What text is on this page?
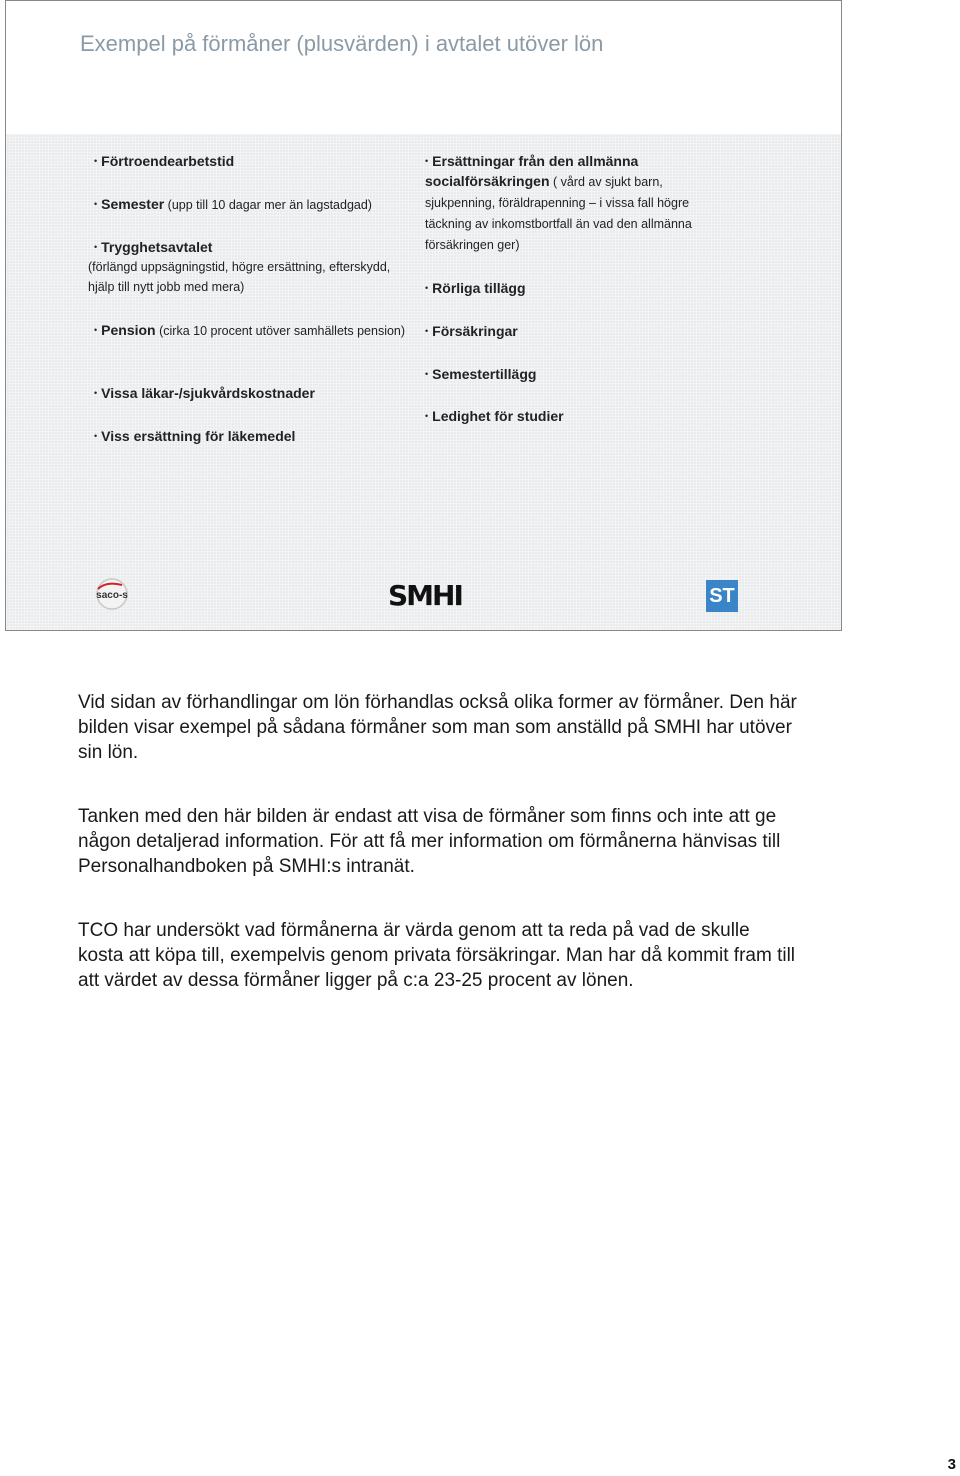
Exempel på förmåner (plusvärden) i avtalet utöver lön
• Förtroendearbetstid
• Semester (upp till 10 dagar mer än lagstadgad)
• Trygghetsavtalet
(förlängd uppsägningstid, högre ersättning, efterskydd, hjälp till nytt jobb med mera)
• Pension (cirka 10 procent utöver samhällets pension)
• Vissa läkar-/sjukvårdskostnader
• Viss ersättning för läkemedel
• Ersättningar från den allmänna socialförsäkringen ( vård av sjukt barn, sjukpenning, föräldrapenning – i vissa fall högre täckning av inkomstbortfall än vad den allmänna försäkringen ger)
• Rörliga tillägg
• Försäkringar
• Semestertillägg
• Ledighet för studier
saco-s	SMHI	ST

Vid sidan av förhandlingar om lön förhandlas också olika former av förmåner. Den här bilden visar exempel på sådana förmåner som man som anställd på SMHI har utöver sin lön.

Tanken med den här bilden är endast att visa de förmåner som finns och inte att ge någon detaljerad information. För att få mer information om förmånerna hänvisas till Personalhandboken på SMHI:s intranät.

TCO har undersökt vad förmånerna är värda genom att ta reda på vad de skulle kosta att köpa till, exempelvis genom privata försäkringar. Man har då kommit fram till att värdet av dessa förmåner ligger på c:a 23-25 procent av lönen.

3
